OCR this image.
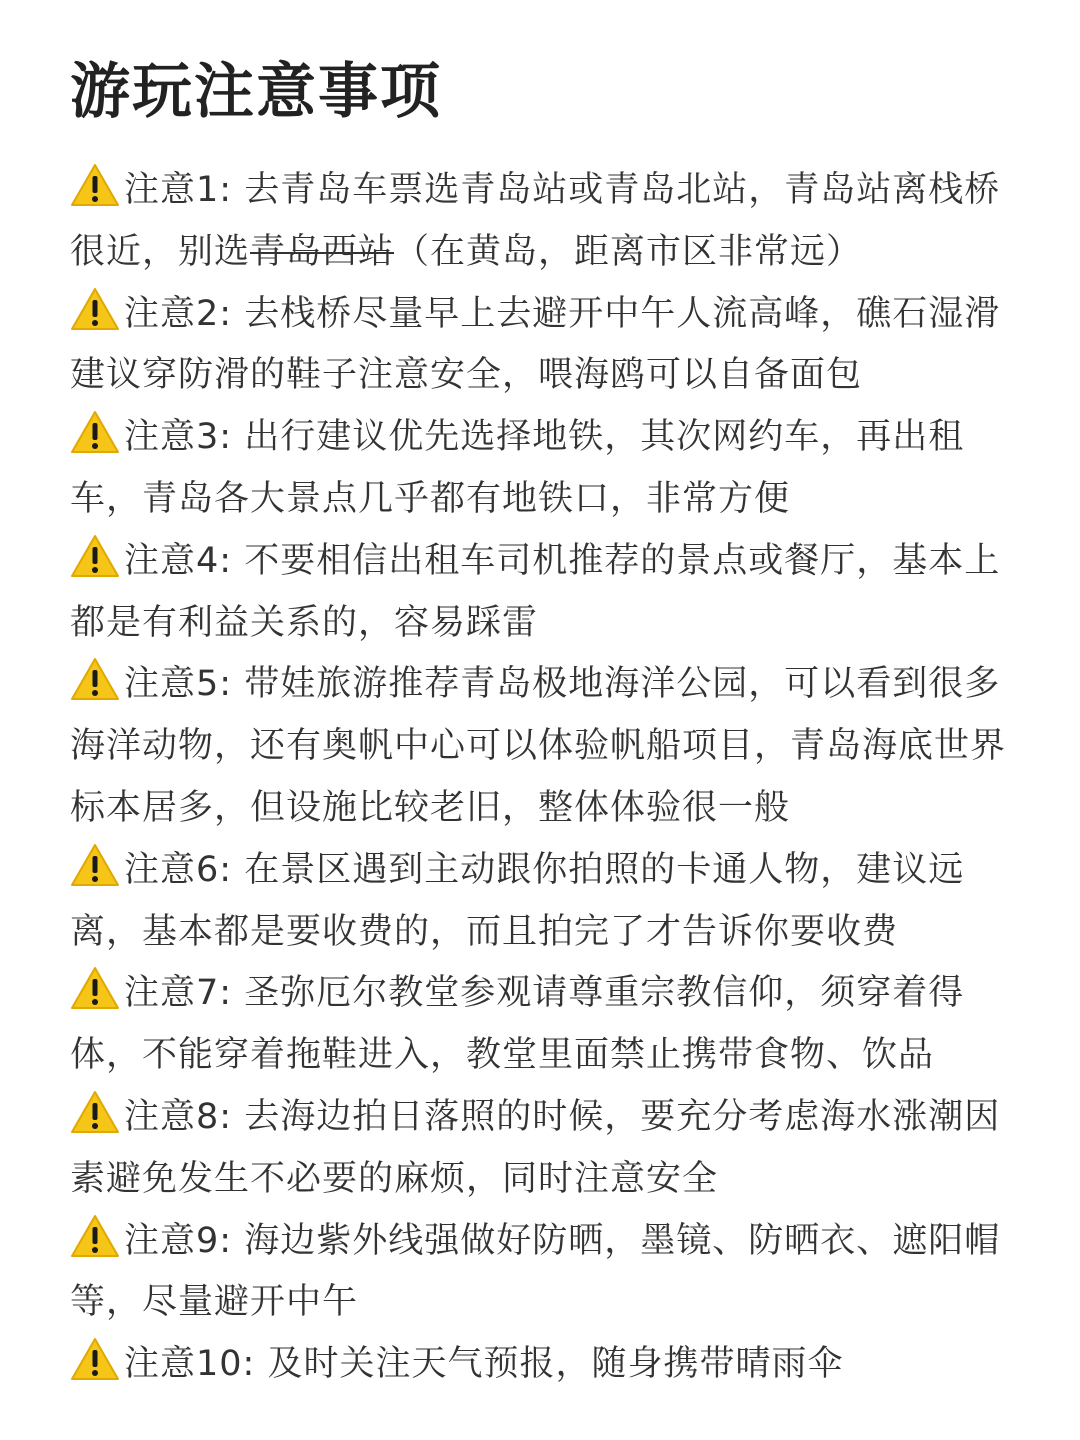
游玩注意事项
注意1: 去青岛车票选青岛站或青岛北站，青岛站离栈桥很近，别选青岛西站（在黄岛，距离市区非常远）
注意2: 去栈桥尽量早上去避开中午人流高峰，礁石湿滑建议穿防滑的鞋子注意安全，喂海鸥可以自备面包
注意3: 出行建议优先选择地铁，其次网约车，再出租车，青岛各大景点几乎都有地铁口，非常方便
注意4: 不要相信出租车司机推荐的景点或餐厅，基本上都是有利益关系的，容易踩雷
注意5: 带娃旅游推荐青岛极地海洋公园，可以看到很多海洋动物，还有奥帆中心可以体验帆船项目，青岛海底世界标本居多，但设施比较老旧，整体体验很一般
注意6: 在景区遇到主动跟你拍照的卡通人物，建议远离，基本都是要收费的，而且拍完了才告诉你要收费
注意7: 圣弥厄尔教堂参观请尊重宗教信仰，须穿着得体，不能穿着拖鞋进入，教堂里面禁止携带食物、饮品
注意8: 去海边拍日落照的时候，要充分考虑海水涨潮因素避免发生不必要的麻烦，同时注意安全
注意9: 海边紫外线强做好防晒，墨镜、防晒衣、遮阳帽等，尽量避开中午
注意10: 及时关注天气预报，随身携带晴雨伞
